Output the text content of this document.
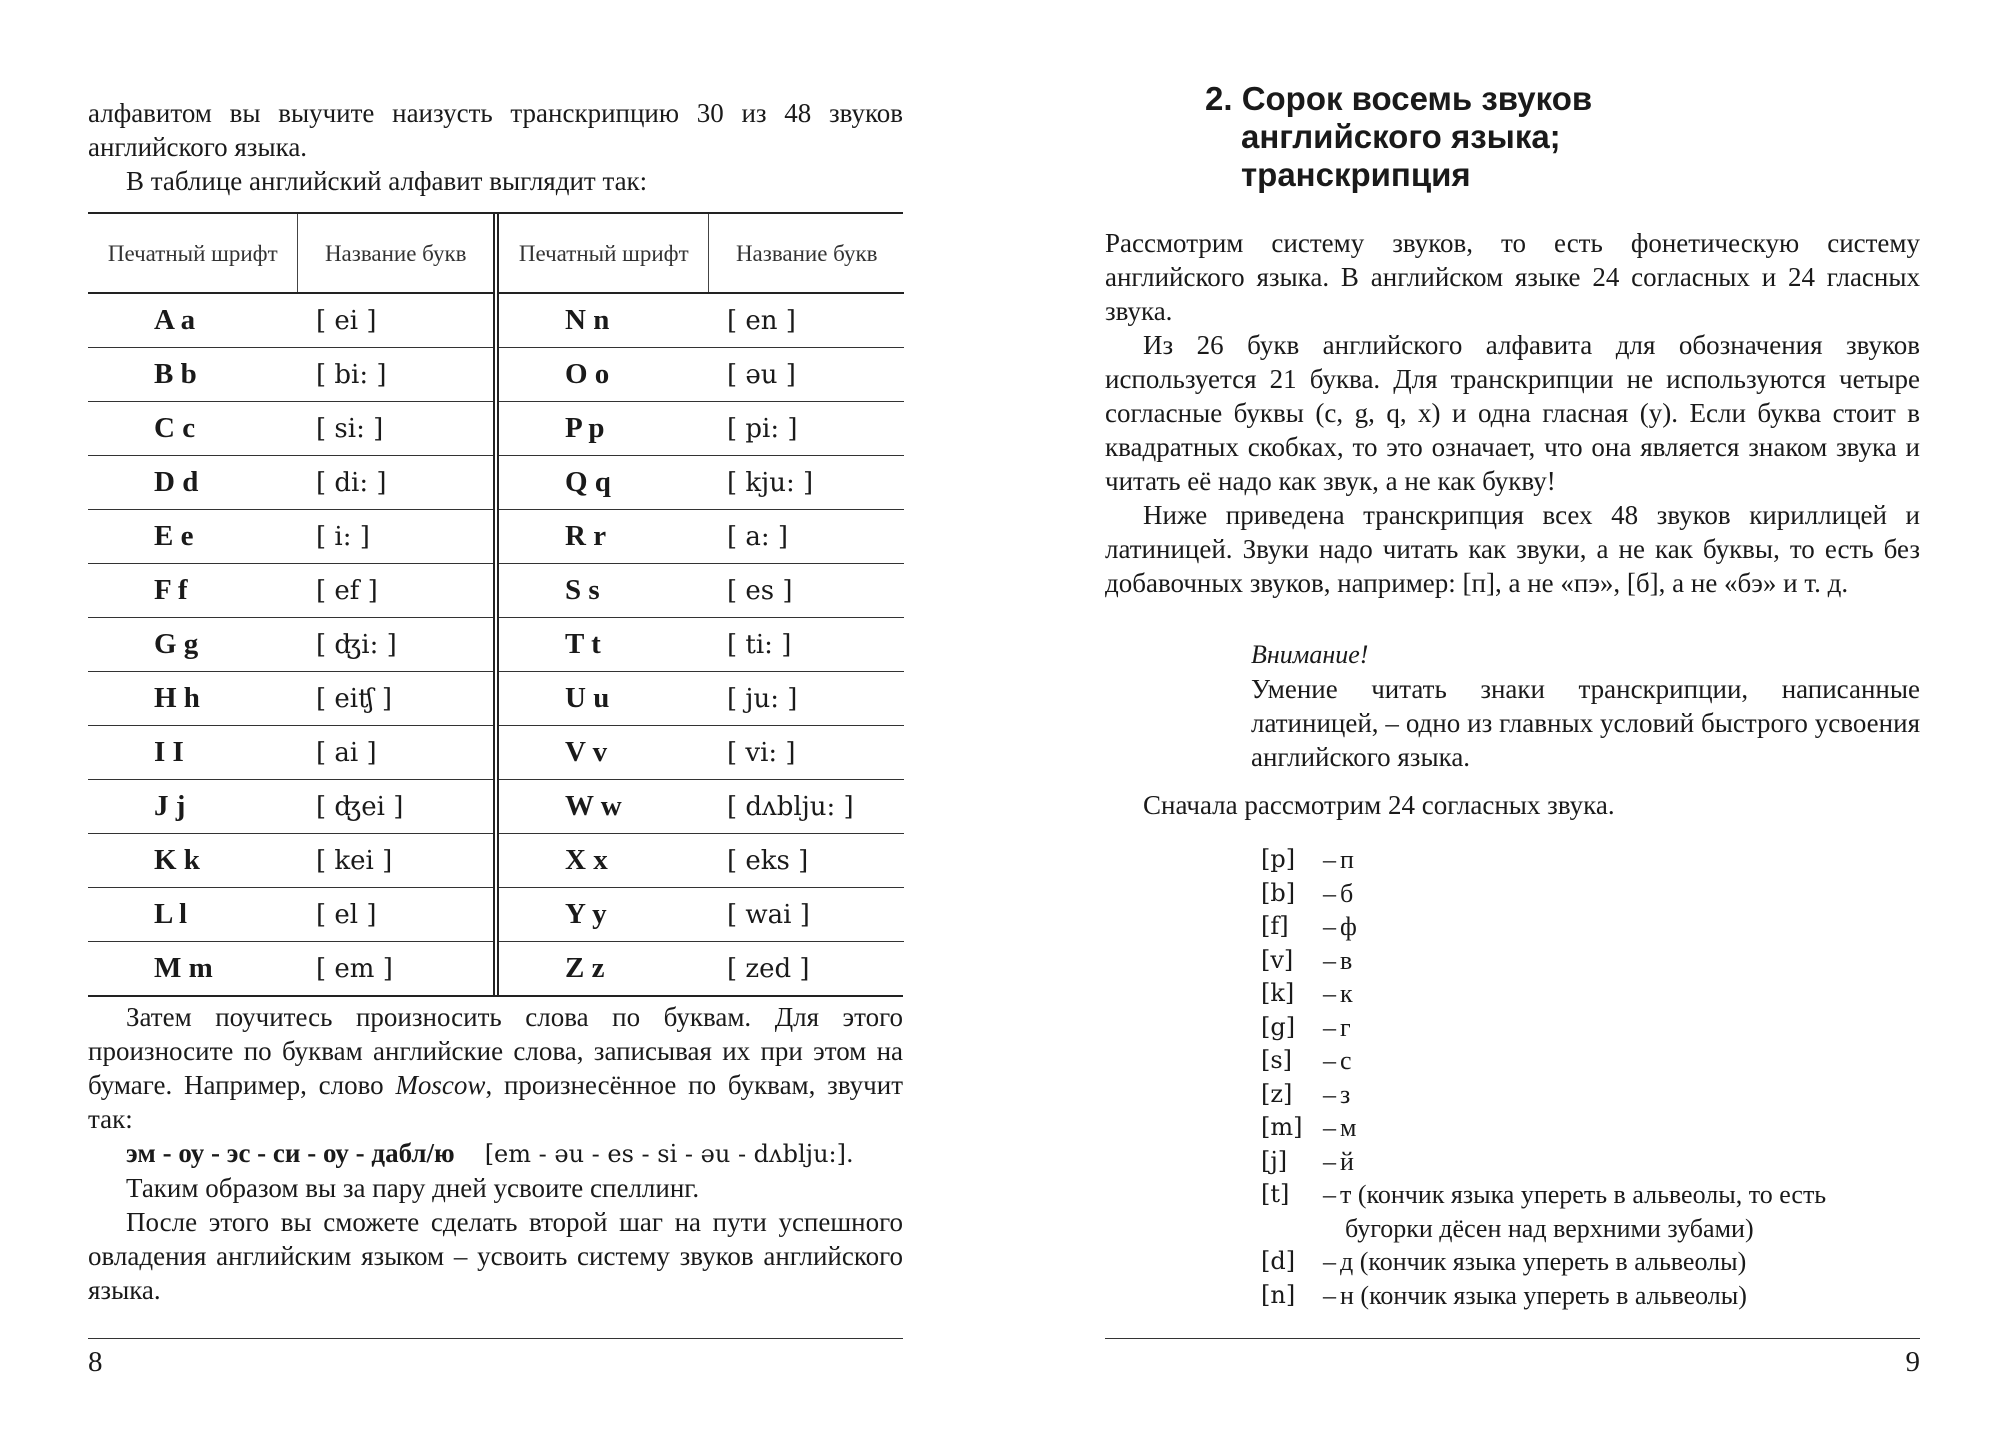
алфавитом вы выучите наизусть транскрипцию 30 из 48 звуков английского языка.

В таблице английский алфавит выглядит так:

Печатный шрифт	Название букв
A a	[ ei ]
B b	[ bi: ]
C c	[ si: ]
D d	[ di: ]
E e	[ i: ]
F f	[ ef ]
G g	[ ʤi: ]
H h	[ eiʧ ]
I I	[ ai ]
J j	[ ʤei ]
K k	[ kei ]
L l	[ el ]
M m	[ em ]
Печатный шрифт	Название букв
N n	[ en ]
O o	[ əu ]
P p	[ pi: ]
Q q	[ kju: ]
R r	[ a: ]
S s	[ es ]
T t	[ ti: ]
U u	[ ju: ]
V v	[ vi: ]
W w	[ dʌblju: ]
X x	[ eks ]
Y y	[ wai ]
Z z	[ zed ]

Затем поучитесь произносить слова по буквам. Для этого произносите по буквам английские слова, записывая их при этом на бумаге. Например, слово Moscow, произнесённое по буквам, звучит так:

эм - оу - эс - си - оу - дабл/ю [em - əu - es - si - əu - dʌblju:].

Таким образом вы за пару дней усвоите спеллинг.

После этого вы сможете сделать второй шаг на пути успешного овладения английским языком – усвоить систему звуков английского языка.

8
2. Сорок восемь звуков
английского языка;
транскрипция

Рассмотрим систему звуков, то есть фонетическую систему английского языка. В английском языке 24 согласных и 24 гласных звука.

Из 26 букв английского алфавита для обозначения звуков используется 21 буква. Для транскрипции не используются четыре согласные буквы (c, g, q, x) и одна гласная (y). Если буква стоит в квадратных скобках, то это означает, что она является знаком звука и читать её надо как звук, а не как букву!

Ниже приведена транскрипция всех 48 звуков кириллицей и латиницей. Звуки надо читать как звуки, а не как буквы, то есть без добавочных звуков, например: [п], а не «пэ», [б], а не «бэ» и т. д.

Внимание!

Умение читать знаки транскрипции, написанные латиницей, – одно из главных условий быстрого усвоения английского языка.

Сначала рассмотрим 24 согласных звука.

[p]	– п
[b]	– б
[f]	– ф
[v]	– в
[k]	– к
[g]	– г
[s]	– с
[z]	– з
[m] – м
[j]	– й
[t]	– т (кончик языка уперeть в альвеолы, то есть
бугорки дёсен над верхними зубами)
[d]	– д (кончик языка уперeть в альвеолы)
[n]	– н (кончик языка уперeть в альвеолы)
9
